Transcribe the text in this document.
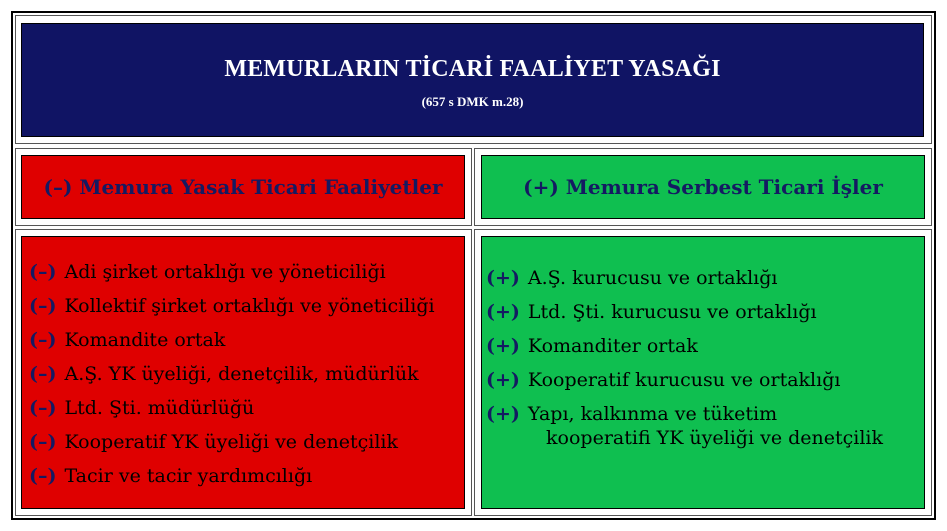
MEMURLARIN TİCARİ FAALİYET YASAĞI
(657 s DMK m.28)
(–) Memura Yasak Ticari Faaliyetler	(+) Memura Serbest Ticari İşler
(–) Adi şirket ortaklığı ve yöneticiliği
(–) Kollektif şirket ortaklığı ve yöneticiliği
(–) Komandite ortak
(–) A.Ş. YK üyeliği, denetçilik, müdürlük
(–) Ltd. Şti. müdürlüğü
(–) Kooperatif YK üyeliği ve denetçilik
(–) Tacir ve tacir yardımcılığı
(+) A.Ş. kurucusu ve ortaklığı
(+) Ltd. Şti. kurucusu ve ortaklığı
(+) Komanditer ortak
(+) Kooperatif kurucusu ve ortaklığı
(+) Yapı, kalkınma ve tüketim
kooperatifi YK üyeliği ve denetçilik
